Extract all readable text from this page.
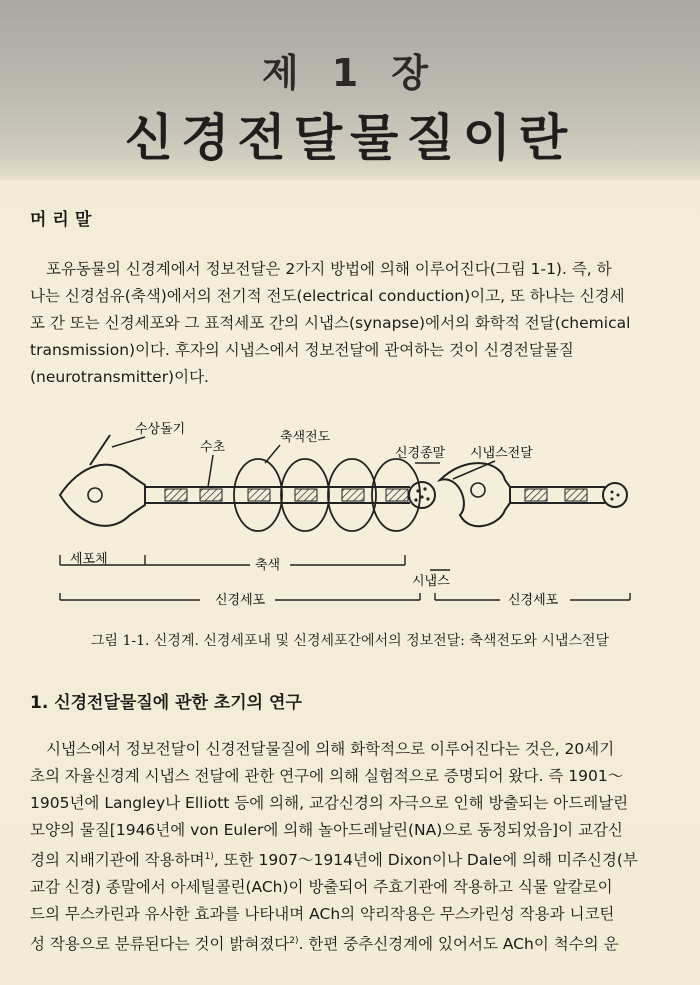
제 1 장
신경전달물질이란
머리말
포유동물의 신경계에서 정보전달은 2가지 방법에 의해 이루어진다(그림 1-1). 즉, 하
나는 신경섬유(축색)에서의 전기적 전도(electrical conduction)이고, 또 하나는 신경세
포 간 또는 신경세포와 그 표적세포 간의 시냅스(synapse)에서의 화학적 전달(chemical
transmission)이다. 후자의 시냅스에서 정보전달에 관여하는 것이 신경전달물질
(neurotransmitter)이다.
수상돌기
수초
축색전도
신경종말 시냅스전달
세포체	축색
시냅스
신경세포	신경세포
그림 1-1. 신경계. 신경세포내 및 신경세포간에서의 정보전달: 축색전도와 시냅스전달
1. 신경전달물질에 관한 초기의 연구
시냅스에서 정보전달이 신경전달물질에 의해 화학적으로 이루어진다는 것은, 20세기
초의 자율신경계 시냅스 전달에 관한 연구에 의해 실험적으로 증명되어 왔다. 즉 1901～
1905년에 Langley나 Elliott 등에 의해, 교감신경의 자극으로 인해 방출되는 아드레날린
모양의 물질[1946년에 von Euler에 의해 놀아드레날린(NA)으로 동정되었음]이 교감신
경의 지배기관에 작용하며$^{1)}$, 또한 1907～1914년에 Dixon이나 Dale에 의해 미주신경(부
교감 신경) 종말에서 아세틸콜린(ACh)이 방출되어 주효기관에 작용하고 식물 알칼로이
드의 무스카린과 유사한 효과를 나타내며 ACh의 약리작용은 무스카린성 작용과 니코틴
성 작용으로 분류된다는 것이 밝혀졌다$^{2)}$. 한편 중추신경계에 있어서도 ACh이 척수의 운
